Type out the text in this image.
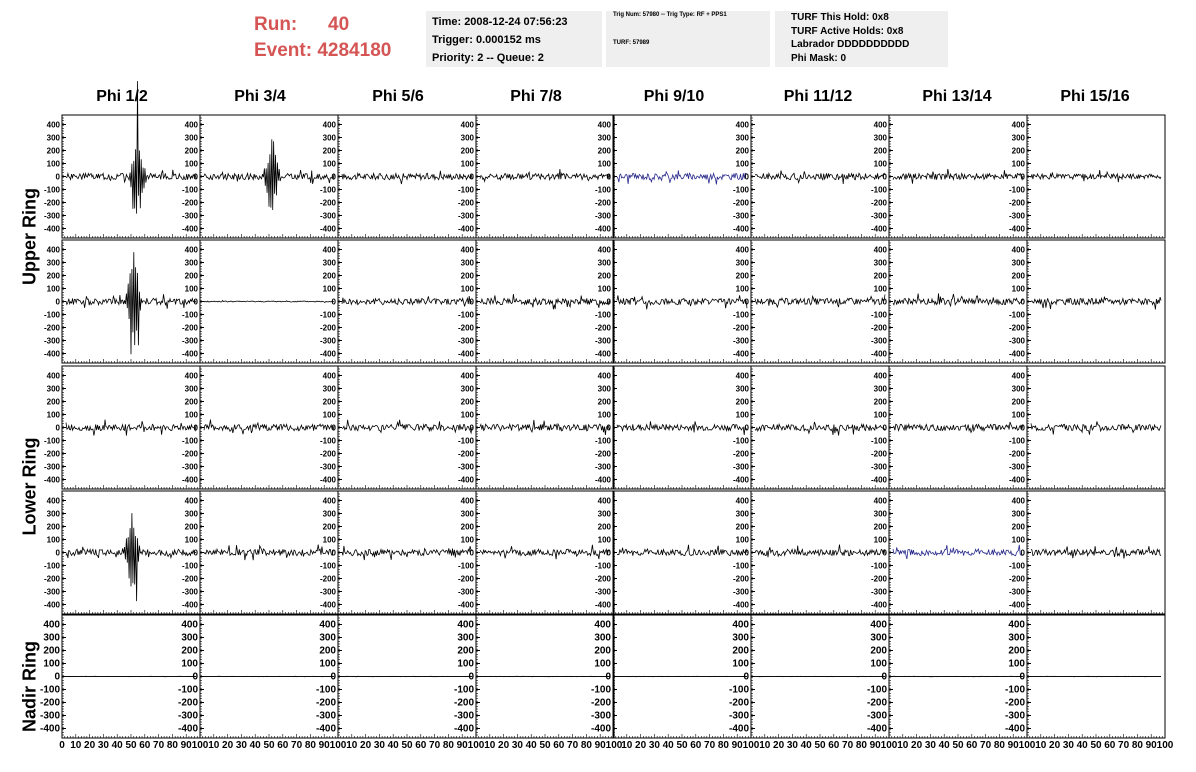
Run:	40
Event:
4284180
Time: 2008-12-24 07:56:23
Trigger: 0.000152 ms
Priority: 2 -- Queue: 2
Trig Num: 57980 -- Trig Type: RF + PPS1
TURF: 57989
TURF This Hold: 0x8
TURF Active Holds: 0x8
Labrador DDDDDDDDDD
Phi Mask: 0
Phi 1/2	Phi 3/4	Phi 5/6	Phi 7/8	Phi 9/10	Phi 11/12	Phi 13/14	Phi 15/16
Upper Ring
Lower Ring
Nadir Ring
400
300
200
100
0
-100
-200
-300
-400
400
300
200
100
0
-100
-200
-300
-400
400
300
200
100
0
-100
-200
-300
-400
400
300
200
100
0
-100
-200
-300
-400
400
300
200
100
0
-100
-200
-300
-400
400
300
200
100
0
-100
-200
-300
-400
400
300
200
100
0
-100
-200
-300
-400
400
300
200
100
0
-100
-200
-300
-400
400
300
200
100
0
-100
-200
-300
-400
400
300
200
100
0
-100
-200
-300
-400
400
300
200
100
0
-100
-200
-300
-400
400
300
200
100
0
-100
-200
-300
-400
400
300
200
100
0
-100
-200
-300
-400
400
300
200
100
0
-100
-200
-300
-400
400
300
200
100
0
-100
-200
-300
-400
400
300
200
100
0
-100
-200
-300
-400
400
300
200
100
0
-100
-200
-300
-400
400
300
200
100
0
-100
-200
-300
-400
400
300
200
100
0
-100
-200
-300
-400
400
300
200
100
0
-100
-200
-300
-400
400
300
200
100
0
-100
-200
-300
-400
400
300
200
100
0
-100
-200
-300
-400
400
300
200
100
0
-100
-200
-300
-400
400
300
200
100
0
-100
-200
-300
-400
400
300
200
100
0
-100
-200
-300
-400
400
300
200
100
0
-100
-200
-300
-400
400
300
200
100
0
-100
-200
-300
-400
400
300
200
100
0
-100
-200
-300
-400
400
300
200
100
0
-100
-200
-300
-400
400
300
200
100
0
-100
-200
-300
-400
400
300
200
100
0
-100
-200
-300
-400
400
300
200
100
0
-100
-200
-300
-400
400
300
200
100
0
-100
-200
-300
-400
400
300
200
100
0
-100
-200
-300
-400
400
300
200
100
0
-100
-200
-300
-400
400
300
200
100
0
-100
-200
-300
-400
400
300
200
100
0
-100
-200
-300
-400
400
300
200
100
0
-100
-200
-300
-400
400
300
200
100
0
-100
-200
-300
-400
400
300
200
100
0
-100
-200
-300
-400
0 10 20 30 40 50 60 70 80 90 100 10 20 30 40 50 60 70 80 90 100 10 20 30 40 50 60 70 80 90 100 10 20 30 40 50 60 70 80 90 100
10 20 30 40 50 60 70 80 90 100 10 20 30 40 50 60 70 80 90 100 10 20 30 40 50 60 70 80 90 100 10 20 30 40 50 60 70 80 90 100
